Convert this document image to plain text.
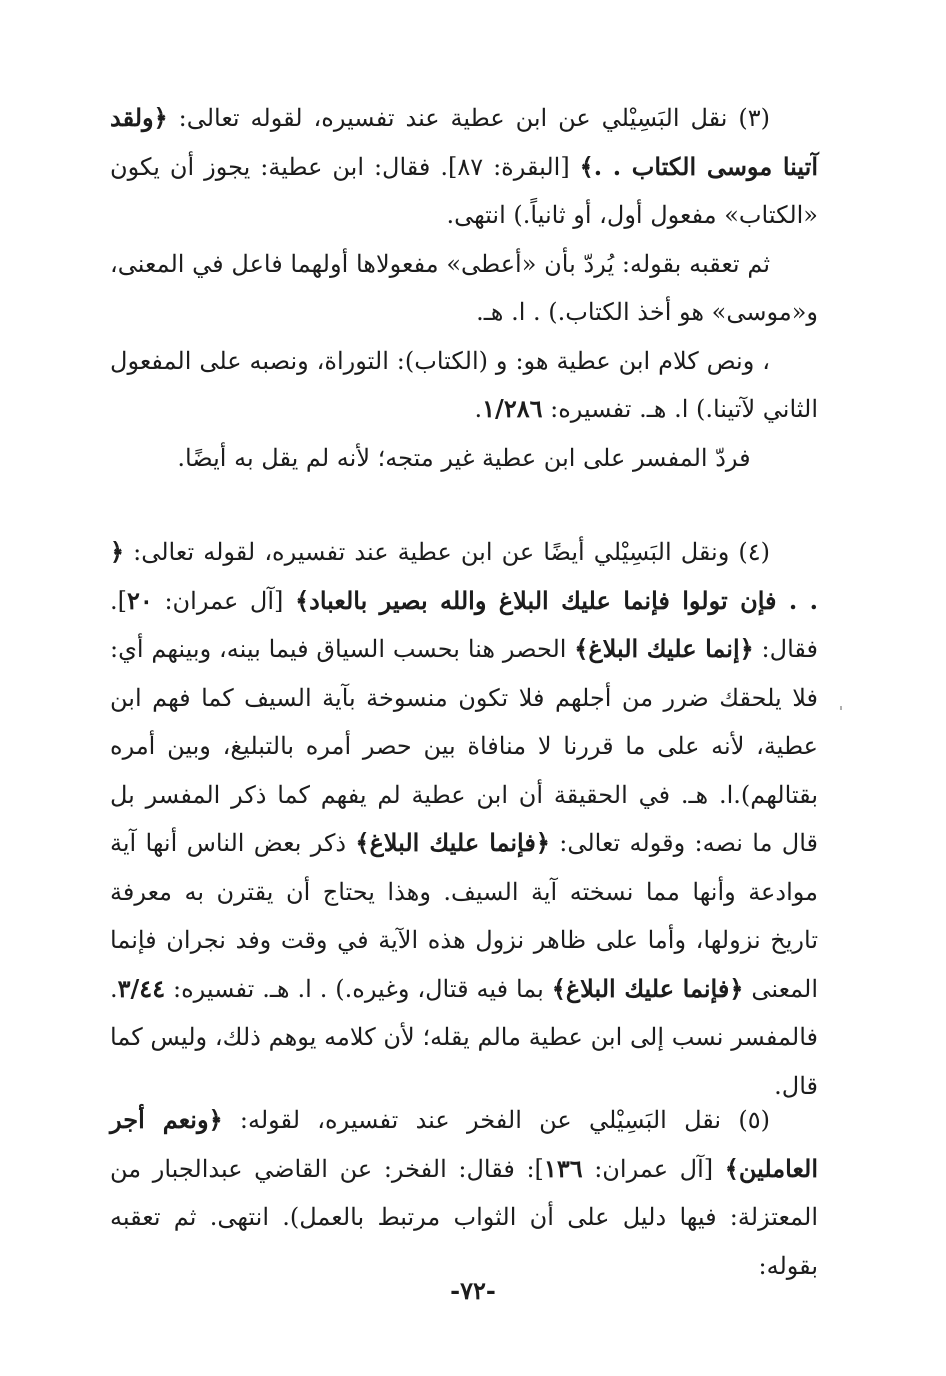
(٣) نقل البَسِيْلي عن ابن عطية عند تفسيره، لقوله تعالى: ﴿ولقد آتينا موسى الكتاب . .﴾ [البقرة: ٨٧]. فقال: ابن عطية: يجوز أن يكون «الكتاب» مفعول أول، أو ثانياً.) انتهى.

ثم تعقبه بقوله: يُردّ بأن «أعطى» مفعولاها أولهما فاعل في المعنى، و«موسى» هو أخذ الكتاب.) . ا. هـ.

، ونص كلام ابن عطية هو: و (الكتاب): التوراة، ونصبه على المفعول الثاني لآتينا.) ا. هـ. تفسيره: ١/٢٨٦.

فردّ المفسر على ابن عطية غير متجه؛ لأنه لم يقل به أيضًا.

(٤) ونقل البَسِيْلي أيضًا عن ابن عطية عند تفسيره، لقوله تعالى: ﴿ . . فإن تولوا فإنما عليك البلاغ والله بصير بالعباد﴾ [آل عمران: ٢٠]. فقال: ﴿إنما عليك البلاغ﴾ الحصر هنا بحسب السياق فيما بينه، وبينهم أي: فلا يلحقك ضرر من أجلهم فلا تكون منسوخة بآية السيف كما فهم ابن عطية، لأنه على ما قررنا لا منافاة بين حصر أمره بالتبليغ، وبين أمره بقتالهم).ا. هـ. في الحقيقة أن ابن عطية لم يفهم كما ذكر المفسر بل قال ما نصه: وقوله تعالى: ﴿فإنما عليك البلاغ﴾ ذكر بعض الناس أنها آية موادعة وأنها مما نسخته آية السيف. وهذا يحتاج أن يقترن به معرفة تاريخ نزولها، وأما على ظاهر نزول هذه الآية في وقت وفد نجران فإنما المعنى ﴿فإنما عليك البلاغ﴾ بما فيه قتال، وغيره.) . ا. هـ. تفسيره: ٣/٤٤. فالمفسر نسب إلى ابن عطية مالم يقله؛ لأن كلامه يوهم ذلك، وليس كما قال.

(٥) نقل البَسِيْلي عن الفخر عند تفسيره، لقوله: ﴿ونعم أجر العاملين﴾ [آل عمران: ١٣٦]: فقال: الفخر: عن القاضي عبدالجبار من المعتزلة: فيها دليل على أن الثواب مرتبط بالعمل). انتهى. ثم تعقبه بقوله:

-٧٢-
